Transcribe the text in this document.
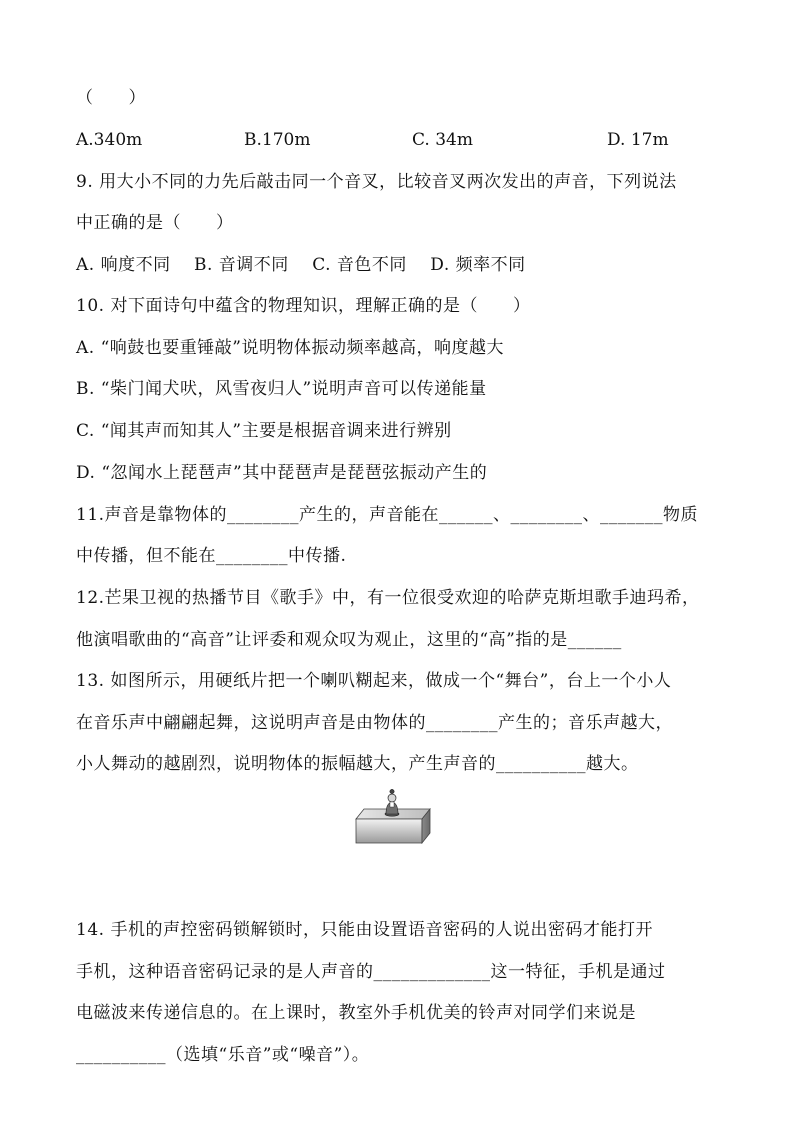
（　　）
A.340m	B.170m	C. 34m	D. 17m
9. 用大小不同的力先后敲击同一个音叉，比较音叉两次发出的声音，下列说法
中正确的是（　　）
A. 响度不同　 B. 音调不同　 C. 音色不同　 D. 频率不同
10. 对下面诗句中蕴含的物理知识，理解正确的是（　　）
A. “响鼓也要重锤敲”说明物体振动频率越高，响度越大
B. “柴门闻犬吠，风雪夜归人”说明声音可以传递能量
C. “闻其声而知其人”主要是根据音调来进行辨别
D. “忽闻水上琵琶声”其中琵琶声是琵琶弦振动产生的
11.声音是靠物体的________产生的，声音能在______、________、_______物质
中传播，但不能在________中传播.
12.芒果卫视的热播节目《歌手》中，有一位很受欢迎的哈萨克斯坦歌手迪玛希，
他演唱歌曲的“高音”让评委和观众叹为观止，这里的“高”指的是______
13. 如图所示，用硬纸片把一个喇叭糊起来，做成一个“舞台”，台上一个小人
在音乐声中翩翩起舞，这说明声音是由物体的________产生的；音乐声越大，
小人舞动的越剧烈，说明物体的振幅越大，产生声音的__________越大。
14. 手机的声控密码锁解锁时，只能由设置语音密码的人说出密码才能打开
手机，这种语音密码记录的是人声音的_____________这一特征，手机是通过
电磁波来传递信息的。在上课时，教室外手机优美的铃声对同学们来说是
__________（选填“乐音”或“噪音”）。
